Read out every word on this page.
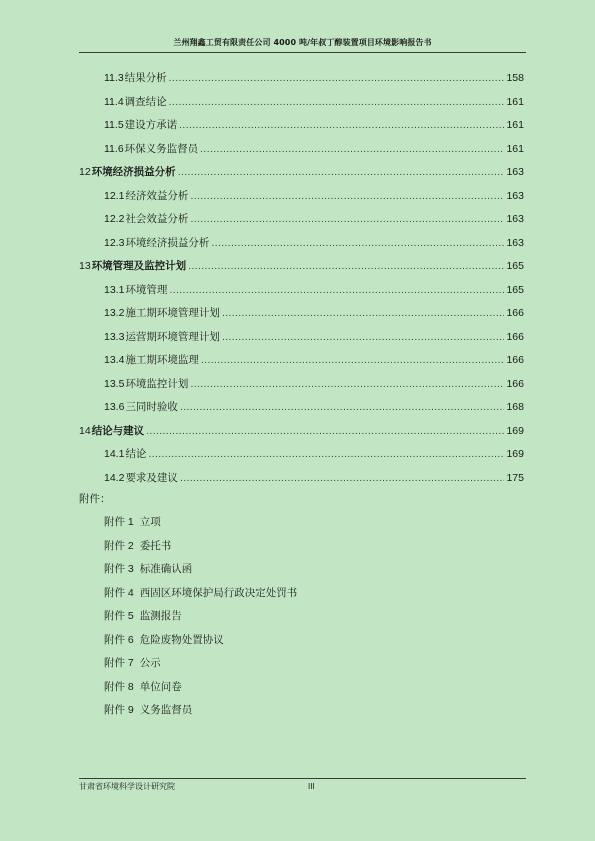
兰州翔鑫工贸有限责任公司 4000 吨/年叔丁醇装置项目环境影响报告书
11.3 结果分析 .....	158
11.4 调查结论 .....	161
11.5 建设方承诺 .....	161
11.6 环保义务监督员 .....	161
12 环境经济损益分析 .....	163
12.1 经济效益分析 .....	163
12.2 社会效益分析 .....	163
12.3 环境经济损益分析 .....	163
13 环境管理及监控计划 .....	165
13.1 环境管理 .....	165
13.2 施工期环境管理计划 .....	166
13.3 运营期环境管理计划 .....	166
13.4 施工期环境监理 .....	166
13.5 环境监控计划 .....	166
13.6 三同时验收 .....	168
14 结论与建议 .....	169
14.1 结论 .....	169
14.2 要求及建议 .....	175
附件：
附件 1 立项
附件 2 委托书
附件 3 标准确认函
附件 4 西固区环境保护局行政决定处罚书
附件 5 监测报告
附件 6 危险废物处置协议
附件 7 公示
附件 8 单位问卷
附件 9 义务监督员
甘肃省环境科学设计研究院	III
